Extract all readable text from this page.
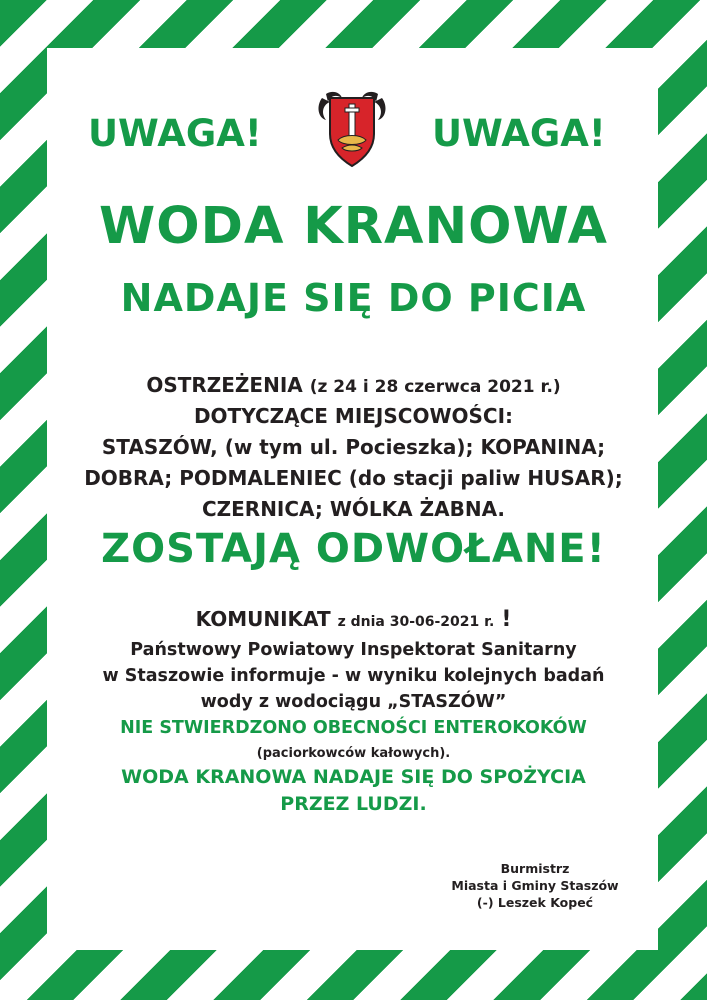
UWAGA!	UWAGA!

WODA KRANOWA

NADAJE SIĘ DO PICIA

OSTRZEŻENIA (z 24 i 28 czerwca 2021 r.)

DOTYCZĄCE MIEJSCOWOŚCI:

STASZÓW, (w tym ul. Pocieszka); KOPANINA;

DOBRA; PODMALENIEC (do stacji paliw HUSAR);

CZERNICA; WÓLKA ŻABNA.

ZOSTAJĄ ODWOŁANE!

KOMUNIKAT z dnia 30-06-2021 r. !

Państwowy Powiatowy Inspektorat Sanitarny

w Staszowie informuje - w wyniku kolejnych badań

wody z wodociągu „STASZÓW”

NIE STWIERDZONO OBECNOŚCI ENTEROKOKÓW

(paciorkowców kałowych).

WODA KRANOWA NADAJE SIĘ DO SPOŻYCIA

PRZEZ LUDZI.

Burmistrz

Miasta i Gminy Staszów

(-) Leszek Kopeć
